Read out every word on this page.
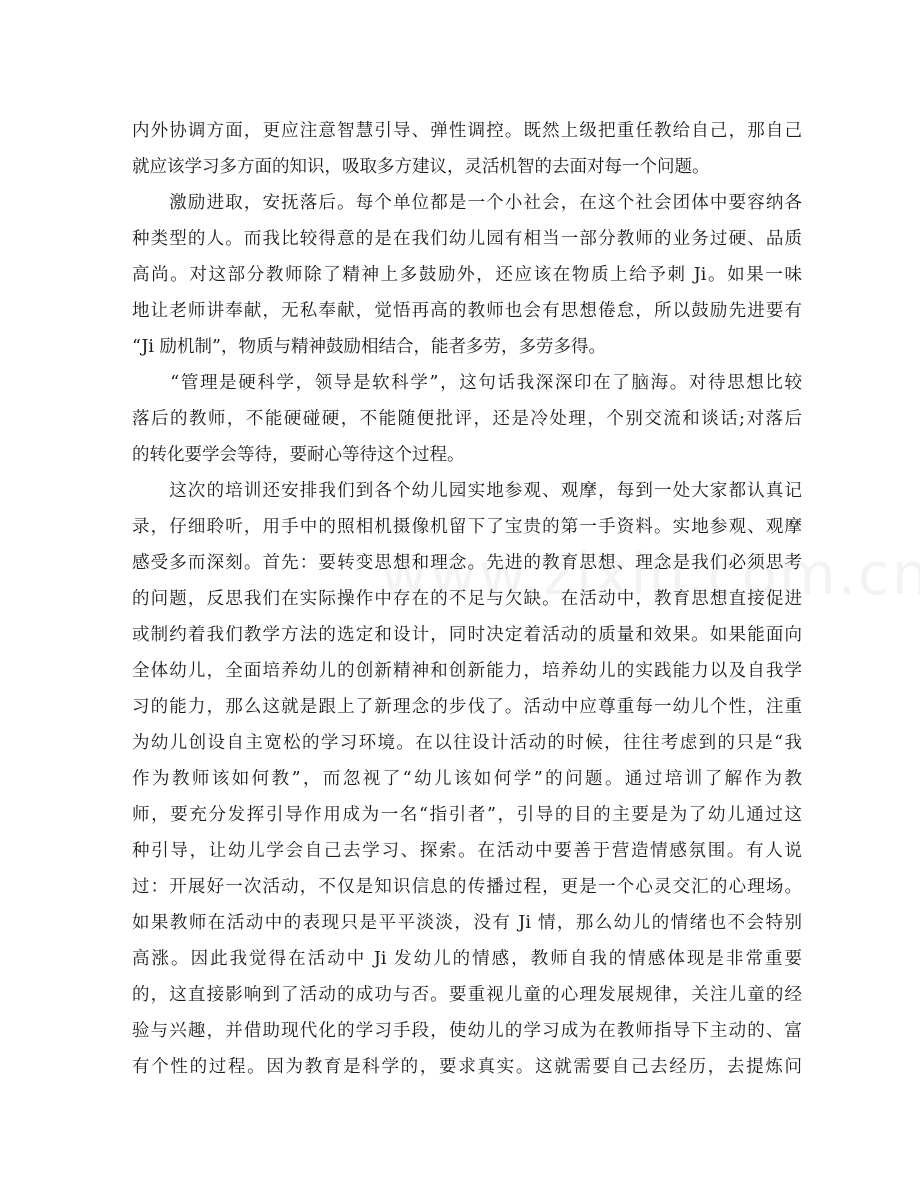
内外协调方面，更应注意智慧引导、弹性调控。既然上级把重任教给自己，那自己
就应该学习多方面的知识，吸取多方建议，灵活机智的去面对每一个问题。
　　激励进取，安抚落后。每个单位都是一个小社会，在这个社会团体中要容纳各
种类型的人。而我比较得意的是在我们幼儿园有相当一部分教师的业务过硬、品质
高尚。对这部分教师除了精神上多鼓励外，还应该在物质上给予刺 Ji。如果一味
地让老师讲奉献，无私奉献，觉悟再高的教师也会有思想倦怠，所以鼓励先进要有
“Ji 励机制”，物质与精神鼓励相结合，能者多劳，多劳多得。
　　“管理是硬科学，领导是软科学”，这句话我深深印在了脑海。对待思想比较
落后的教师，不能硬碰硬，不能随便批评，还是冷处理，个别交流和谈话;对落后
的转化要学会等待，要耐心等待这个过程。
　　这次的培训还安排我们到各个幼儿园实地参观、观摩，每到一处大家都认真记
录，仔细聆听，用手中的照相机摄像机留下了宝贵的第一手资料。实地参观、观摩
感受多而深刻。首先：要转变思想和理念。先进的教育思想、理念是我们必须思考
的问题，反思我们在实际操作中存在的不足与欠缺。在活动中，教育思想直接促进
或制约着我们教学方法的选定和设计，同时决定着活动的质量和效果。如果能面向
全体幼儿，全面培养幼儿的创新精神和创新能力，培养幼儿的实践能力以及自我学
习的能力，那么这就是跟上了新理念的步伐了。活动中应尊重每一幼儿个性，注重
为幼儿创设自主宽松的学习环境。在以往设计活动的时候，往往考虑到的只是“我
作为教师该如何教”，而忽视了“幼儿该如何学”的问题。通过培训了解作为教
师，要充分发挥引导作用成为一名“指引者”，引导的目的主要是为了幼儿通过这
种引导，让幼儿学会自己去学习、探索。在活动中要善于营造情感氛围。有人说
过：开展好一次活动，不仅是知识信息的传播过程，更是一个心灵交汇的心理场。
如果教师在活动中的表现只是平平淡淡，没有 Ji 情，那么幼儿的情绪也不会特别
高涨。因此我觉得在活动中 Ji 发幼儿的情感，教师自我的情感体现是非常重要
的，这直接影响到了活动的成功与否。要重视儿童的心理发展规律，关注儿童的经
验与兴趣，并借助现代化的学习手段，使幼儿的学习成为在教师指导下主动的、富
有个性的过程。因为教育是科学的，要求真实。这就需要自己去经历，去提炼问
